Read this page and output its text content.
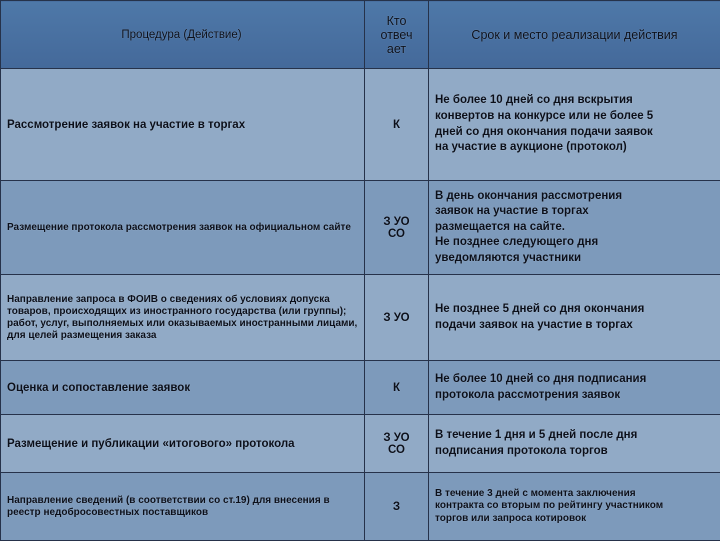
Процедура (Действие)	Кто
отвеч
ает	Срок и место реализации действия
Рассмотрение заявок на участие в торгах	К	Не более 10 дней со дня вскрытия
конвертов на конкурсе или не более 5
дней со дня окончания подачи заявок
на участие в аукционе (протокол)

Размещение протокола рассмотрения заявок на официальном сайте	З УО
СО	В день окончания рассмотрения
заявок на участие в торгах
размещается на сайте.
Не позднее следующего дня
уведомляются участники

Направление запроса в ФОИВ о сведениях об условиях допуска товаров, происходящих из иностранного государства (или группы); работ, услуг, выполняемых или оказываемых иностранными лицами, для целей размещения заказа	З УО	Не позднее 5 дней со дня окончания
подачи заявок на участие в торгах

Оценка и сопоставление заявок	К	Не более 10 дней со дня подписания
протокола рассмотрения заявок

Размещение и публикации «итогового» протокола	З УО
СО	В течение 1 дня и 5 дней после дня
подписания протокола торгов

Направление сведений (в соответствии со ст.19) для внесения в реестр недобросовестных поставщиков	З	В течение 3 дней с момента заключения
контракта со вторым по рейтингу участником
торгов или запроса котировок
